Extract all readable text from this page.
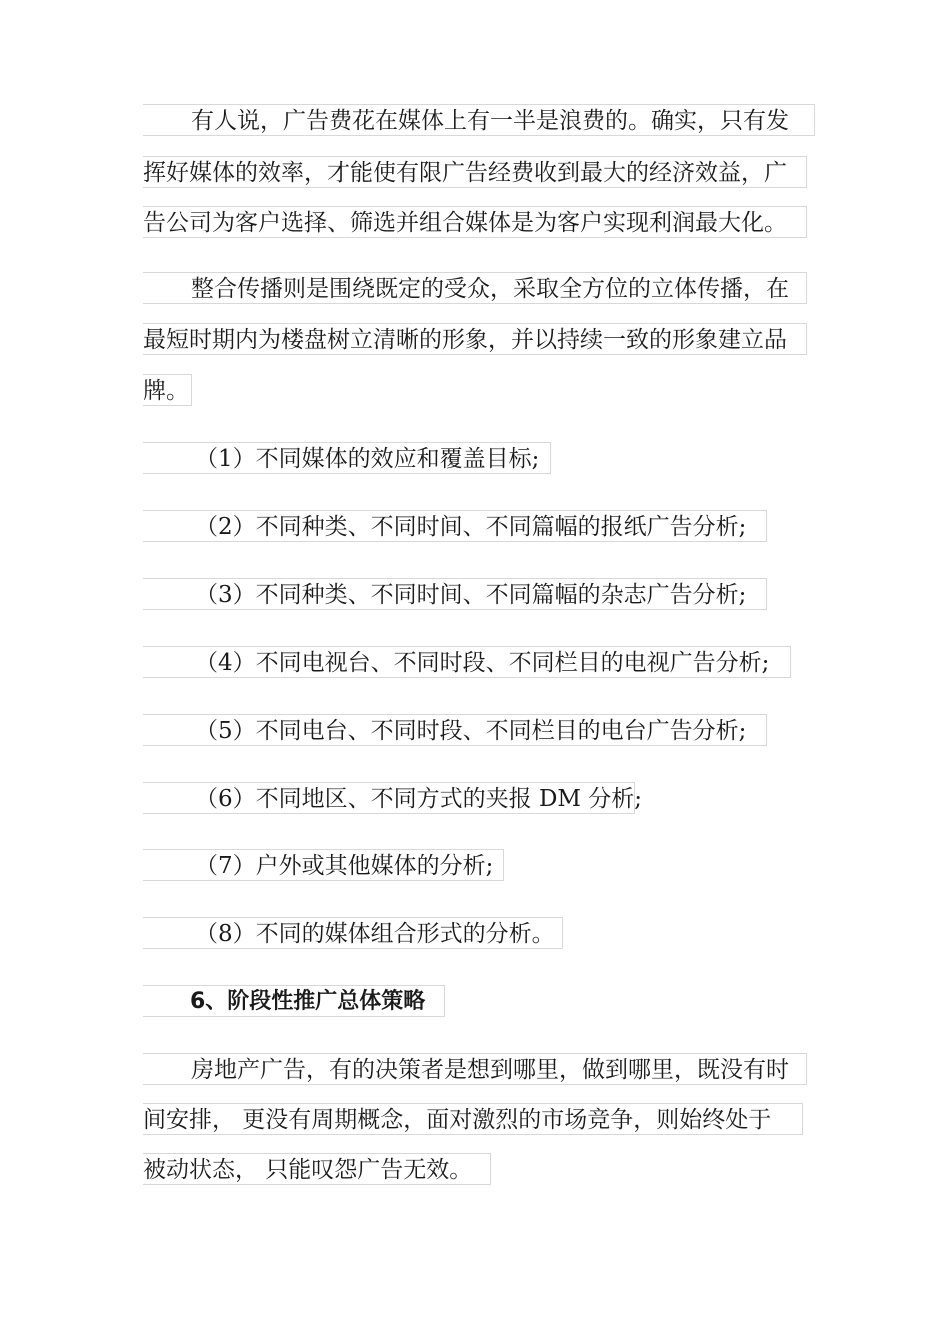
有人说，广告费花在媒体上有一半是浪费的。确实，只有发
挥好媒体的效率，才能使有限广告经费收到最大的经济效益，广
告公司为客户选择、筛选并组合媒体是为客户实现利润最大化。
整合传播则是围绕既定的受众，采取全方位的立体传播，在
最短时期内为楼盘树立清晰的形象，并以持续一致的形象建立品
牌。
（1）不同媒体的效应和覆盖目标;
（2）不同种类、不同时间、不同篇幅的报纸广告分析;
（3）不同种类、不同时间、不同篇幅的杂志广告分析;
（4）不同电视台、不同时段、不同栏目的电视广告分析;
（5）不同电台、不同时段、不同栏目的电台广告分析;
（6）不同地区、不同方式的夹报 DM 分析;
（7）户外或其他媒体的分析;
（8）不同的媒体组合形式的分析。
6、阶段性推广总体策略
房地产广告，有的决策者是想到哪里，做到哪里，既没有时
间安排， 更没有周期概念，面对激烈的市场竞争，则始终处于
被动状态， 只能叹怨广告无效。
